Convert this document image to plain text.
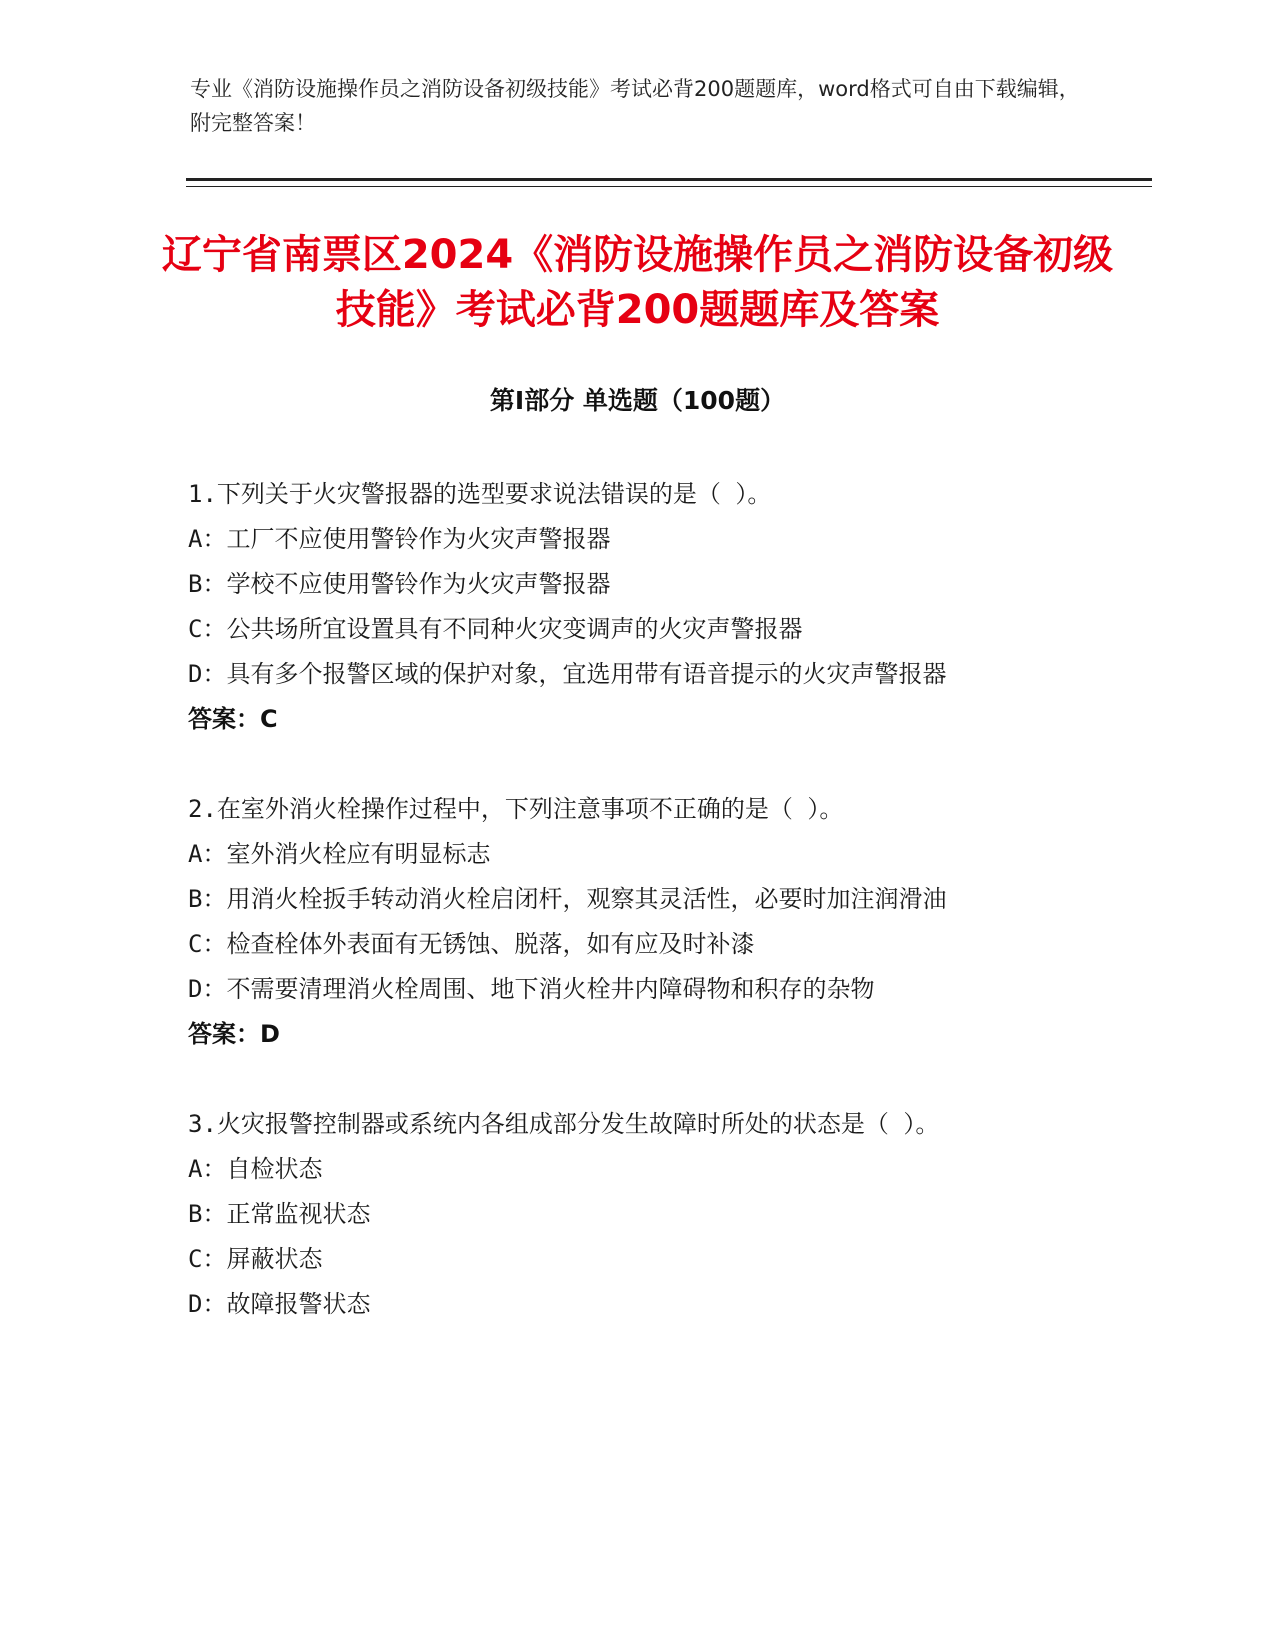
专业《消防设施操作员之消防设备初级技能》考试必背200题题库，word格式可自由下载编辑，附完整答案！
辽宁省南票区2024《消防设施操作员之消防设备初级技能》考试必背200题题库及答案
第I部分 单选题（100题）

1.下列关于火灾警报器的选型要求说法错误的是（ ）。

A：工厂不应使用警铃作为火灾声警报器

B：学校不应使用警铃作为火灾声警报器

C：公共场所宜设置具有不同种火灾变调声的火灾声警报器

D：具有多个报警区域的保护对象，宜选用带有语音提示的火灾声警报器

答案：C

2.在室外消火栓操作过程中，下列注意事项不正确的是（ ）。

A：室外消火栓应有明显标志

B：用消火栓扳手转动消火栓启闭杆，观察其灵活性，必要时加注润滑油

C：检查栓体外表面有无锈蚀、脱落，如有应及时补漆

D：不需要清理消火栓周围、地下消火栓井内障碍物和积存的杂物

答案：D

3.火灾报警控制器或系统内各组成部分发生故障时所处的状态是（ ）。

A：自检状态

B：正常监视状态

C：屏蔽状态

D：故障报警状态
